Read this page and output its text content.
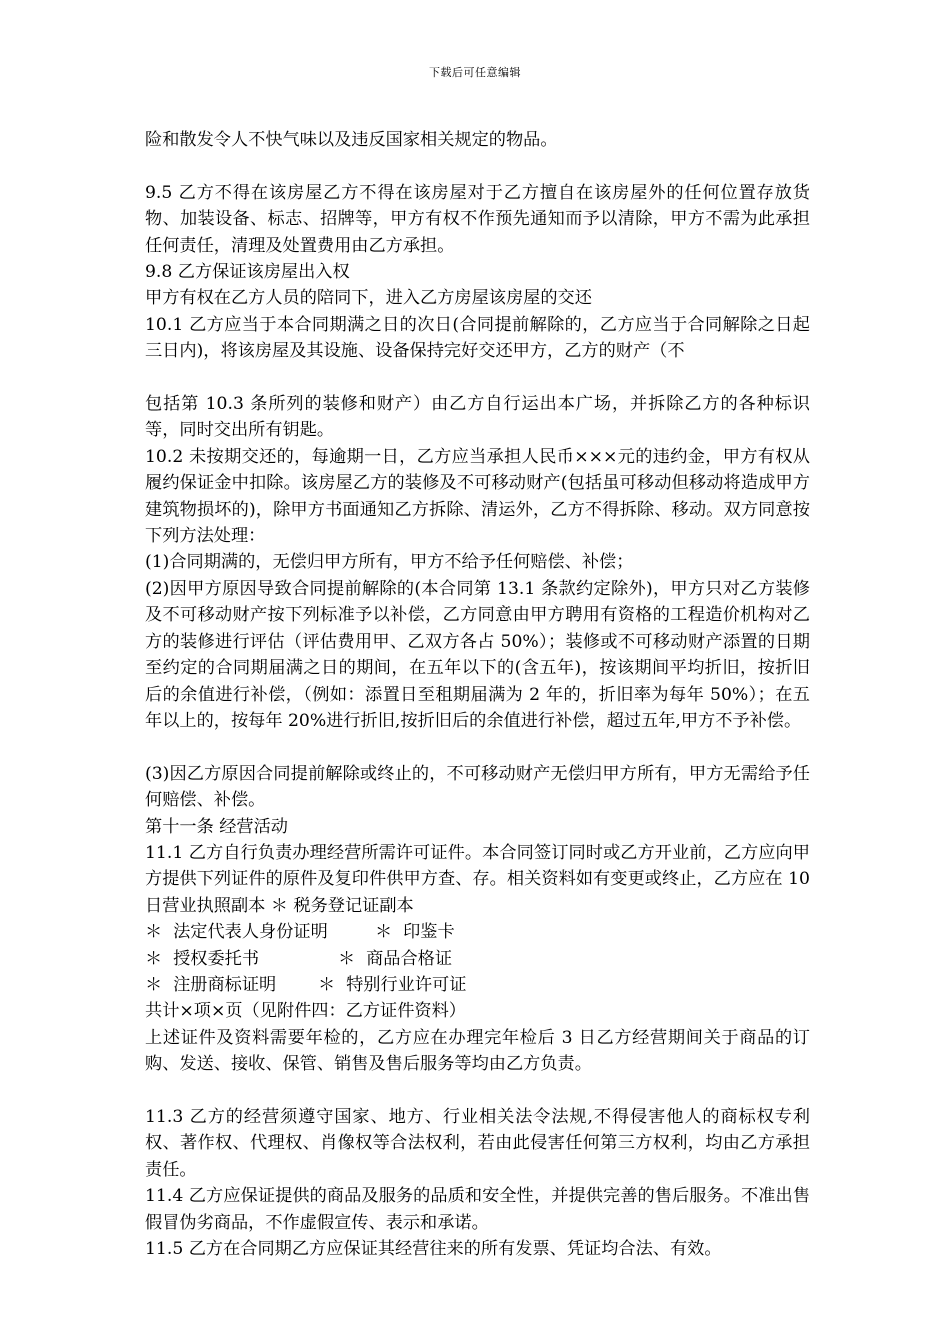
下载后可任意编辑

险和散发令人不快气味以及违反国家相关规定的物品。

9.5 乙方不得在该房屋乙方不得在该房屋对于乙方擅自在该房屋外的任何位置存放货物、加装设备、标志、招牌等，甲方有权不作预先通知而予以清除，甲方不需为此承担任何责任，清理及处置费用由乙方承担。

9.8 乙方保证该房屋出入权

甲方有权在乙方人员的陪同下，进入乙方房屋该房屋的交还

10.1 乙方应当于本合同期满之日的次日(合同提前解除的，乙方应当于合同解除之日起三日内)，将该房屋及其设施、设备保持完好交还甲方，乙方的财产（不

包括第 10.3 条所列的装修和财产）由乙方自行运出本广场，并拆除乙方的各种标识等，同时交出所有钥匙。

10.2 未按期交还的，每逾期一日，乙方应当承担人民币×××元的违约金，甲方有权从履约保证金中扣除。该房屋乙方的装修及不可移动财产(包括虽可移动但移动将造成甲方建筑物损坏的)，除甲方书面通知乙方拆除、清运外，乙方不得拆除、移动。双方同意按下列方法处理：

(1)合同期满的，无偿归甲方所有，甲方不给予任何赔偿、补偿；

(2)因甲方原因导致合同提前解除的(本合同第 13.1 条款约定除外)，甲方只对乙方装修及不可移动财产按下列标准予以补偿，乙方同意由甲方聘用有资格的工程造价机构对乙方的装修进行评估（评估费用甲、乙双方各占 50%）；装修或不可移动财产添置的日期至约定的合同期届满之日的期间，在五年以下的(含五年)，按该期间平均折旧，按折旧后的余值进行补偿，（例如：添置日至租期届满为 2 年的，折旧率为每年 50%）；在五年以上的，按每年 20%进行折旧,按折旧后的余值进行补偿，超过五年,甲方不予补偿。

(3)因乙方原因合同提前解除或终止的，不可移动财产无偿归甲方所有，甲方无需给予任何赔偿、补偿。

第十一条 经营活动

11.1 乙方自行负责办理经营所需许可证件。本合同签订同时或乙方开业前，乙方应向甲方提供下列证件的原件及复印件供甲方查、存。相关资料如有变更或终止，乙方应在 10 日营业执照副本 ＊ 税务登记证副本

＊  法定代表人身份证明	＊  印鉴卡
＊  授权委托书	＊  商品合格证
＊  注册商标证明	＊  特别行业许可证

共计×项×页（见附件四：乙方证件资料）

上述证件及资料需要年检的，乙方应在办理完年检后 3 日乙方经营期间关于商品的订购、发送、接收、保管、销售及售后服务等均由乙方负责。

11.3 乙方的经营须遵守国家、地方、行业相关法令法规,不得侵害他人的商标权专利权、著作权、代理权、肖像权等合法权利，若由此侵害任何第三方权利，均由乙方承担责任。

11.4 乙方应保证提供的商品及服务的品质和安全性，并提供完善的售后服务。不准出售假冒伪劣商品，不作虚假宣传、表示和承诺。

11.5 乙方在合同期乙方应保证其经营往来的所有发票、凭证均合法、有效。
